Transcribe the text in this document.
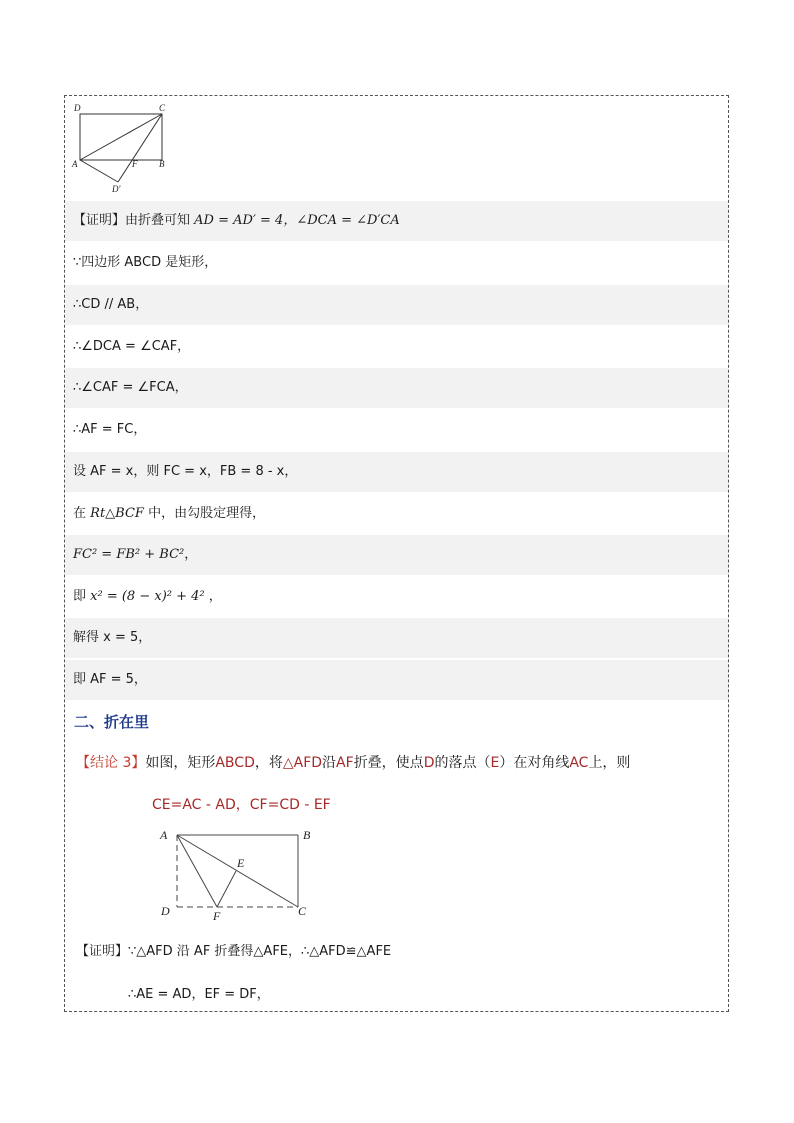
D	C
A	F B
D'
【证明】由折叠可知 AD = AD′ = 4，∠DCA = ∠D′CA
∵四边形 ABCD 是矩形，
∴CD // AB，
∴∠DCA = ∠CAF，
∴∠CAF = ∠FCA，
∴AF = FC，
设 AF = x，则 FC = x，FB = 8 - x，
在 Rt△BCF 中，由勾股定理得，
FC² = FB² + BC²，
即 x² = (8 − x)² + 4² ，
解得 x = 5，
即 AF = 5，
二、折在里
【结论 3】如图，矩形ABCD，将△AFD沿AF折叠，使点D的落点（E）在对角线AC上，则
CE=AC - AD，CF=CD - EF
A	B
E
D	F	C
【证明】∵△AFD 沿 AF 折叠得△AFE，∴△AFD≌△AFE
∴AE = AD，EF = DF，
